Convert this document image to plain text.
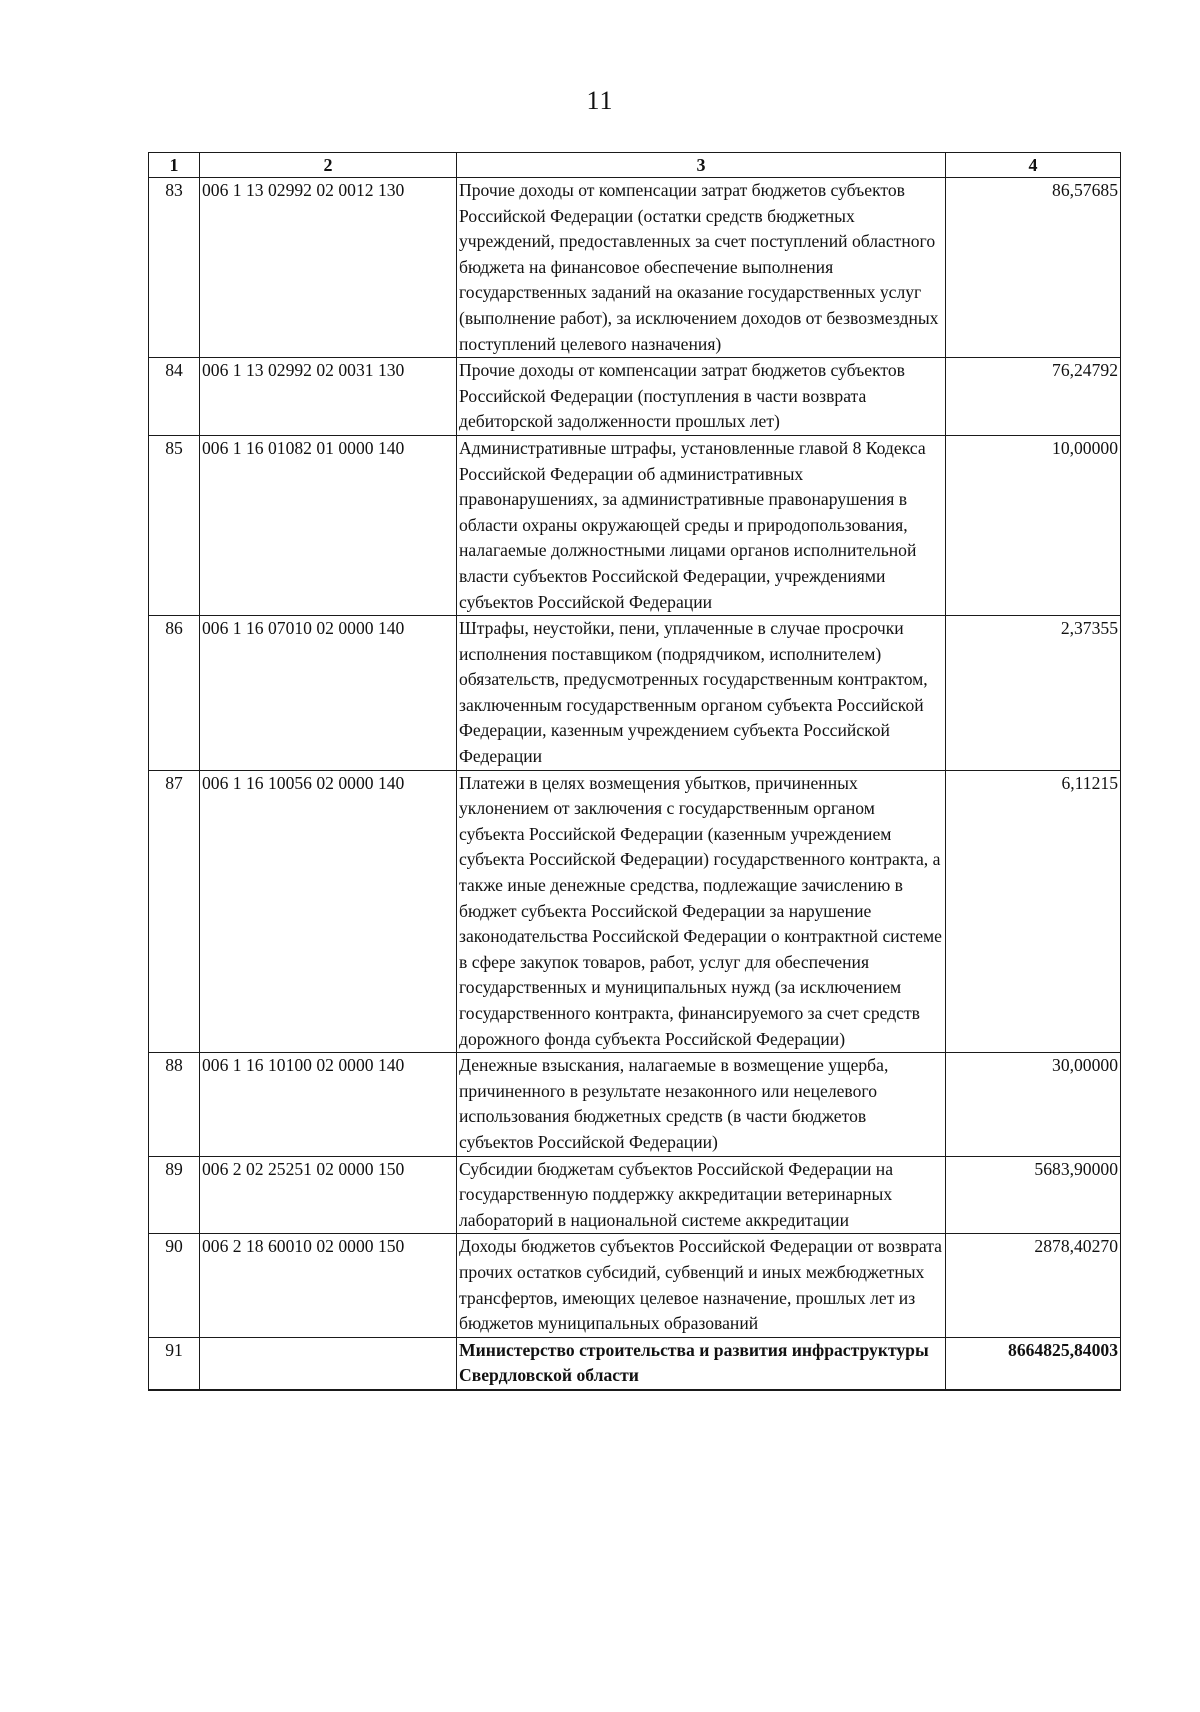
11
1	2	3	4
83	006 1 13 02992 02 0012 130	Прочие доходы от компенсации затрат бюджетов субъектов Российской Федерации (остатки средств бюджетных учреждений, предоставленных за счет поступлений областного бюджета на финансовое обеспечение выполнения государственных заданий на оказание государственных услуг (выполнение работ), за исключением доходов от безвозмездных поступлений целевого назначения)	86,57685
84	006 1 13 02992 02 0031 130	Прочие доходы от компенсации затрат бюджетов субъектов Российской Федерации (поступления в части возврата дебиторской задолженности прошлых лет)	76,24792
85	006 1 16 01082 01 0000 140	Административные штрафы, установленные главой 8 Кодекса Российской Федерации об административных правонарушениях, за административные правонарушения в области охраны окружающей среды и природопользования, налагаемые должностными лицами органов исполнительной власти субъектов Российской Федерации, учреждениями субъектов Российской Федерации	10,00000
86	006 1 16 07010 02 0000 140	Штрафы, неустойки, пени, уплаченные в случае просрочки исполнения поставщиком (подрядчиком, исполнителем) обязательств, предусмотренных государственным контрактом, заключенным государственным органом субъекта Российской Федерации, казенным учреждением субъекта Российской Федерации	2,37355
87	006 1 16 10056 02 0000 140	Платежи в целях возмещения убытков, причиненных уклонением от заключения с государственным органом субъекта Российской Федерации (казенным учреждением субъекта Российской Федерации) государственного контракта, а также иные денежные средства, подлежащие зачислению в бюджет субъекта Российской Федерации за нарушение законодательства Российской Федерации о контрактной системе в сфере закупок товаров, работ, услуг для обеспечения государственных и муниципальных нужд (за исключением государственного контракта, финансируемого за счет средств дорожного фонда субъекта Российской Федерации)	6,11215
88	006 1 16 10100 02 0000 140	Денежные взыскания, налагаемые в возмещение ущерба, причиненного в результате незаконного или нецелевого использования бюджетных средств (в части бюджетов субъектов Российской Федерации)	30,00000
89	006 2 02 25251 02 0000 150	Субсидии бюджетам субъектов Российской Федерации на государственную поддержку аккредитации ветеринарных лабораторий в национальной системе аккредитации	5683,90000
90	006 2 18 60010 02 0000 150	Доходы бюджетов субъектов Российской Федерации от возврата прочих остатков субсидий, субвенций и иных межбюджетных трансфертов, имеющих целевое назначение, прошлых лет из бюджетов муниципальных образований	2878,40270
91		Министерство строительства и развития инфраструктуры Свердловской области	8664825,84003
